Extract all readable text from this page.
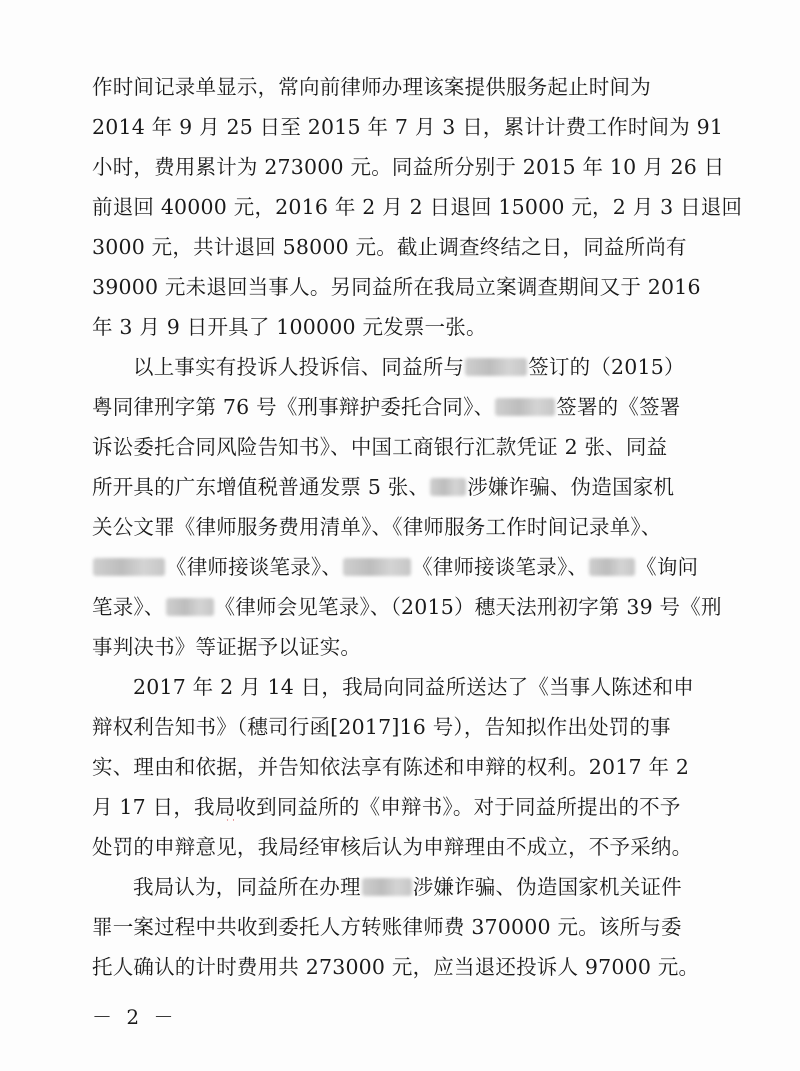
作时间记录单显示，常向前律师办理该案提供服务起止时间为
2014 年 9 月 25 日至 2015 年 7 月 3 日，累计计费工作时间为 91
小时，费用累计为 273000 元。同益所分别于 2015 年 10 月 26 日
前退回 40000 元，2016 年 2 月 2 日退回 15000 元，2 月 3 日退回
3000 元，共计退回 58000 元。截止调查终结之日，同益所尚有
39000 元未退回当事人。另同益所在我局立案调查期间又于 2016
年 3 月 9 日开具了 100000 元发票一张。
以上事实有投诉人投诉信、同益所与	签订的（2015）
粤同律刑字第 76 号《刑事辩护委托合同》、	签署的《签署
诉讼委托合同风险告知书》、中国工商银行汇款凭证 2 张、同益
所开具的广东增值税普通发票 5 张、 涉嫌诈骗、伪造国家机
关公文罪《律师服务费用清单》、《律师服务工作时间记录单》、
《律师接谈笔录》、	《律师接谈笔录》、 《询问
笔录》、 《律师会见笔录》、（2015）穗天法刑初字第 39 号《刑
事判决书》等证据予以证实。
2017 年 2 月 14 日，我局向同益所送达了《当事人陈述和申
辩权利告知书》（穗司行函[2017]16 号），告知拟作出处罚的事
实、理由和依据，并告知依法享有陈述和申辩的权利。2017 年 2
月 17 日，我局收到同益所的《申辩书》。对于同益所提出的不予
处罚的申辩意见，我局经审核后认为申辩理由不成立，不予采纳。
˙˙
我局认为，同益所在办理	涉嫌诈骗、伪造国家机关证件
罪一案过程中共收到委托人方转账律师费 370000 元。该所与委
托人确认的计时费用共 273000 元，应当退还投诉人 97000 元。
－ 2 －
